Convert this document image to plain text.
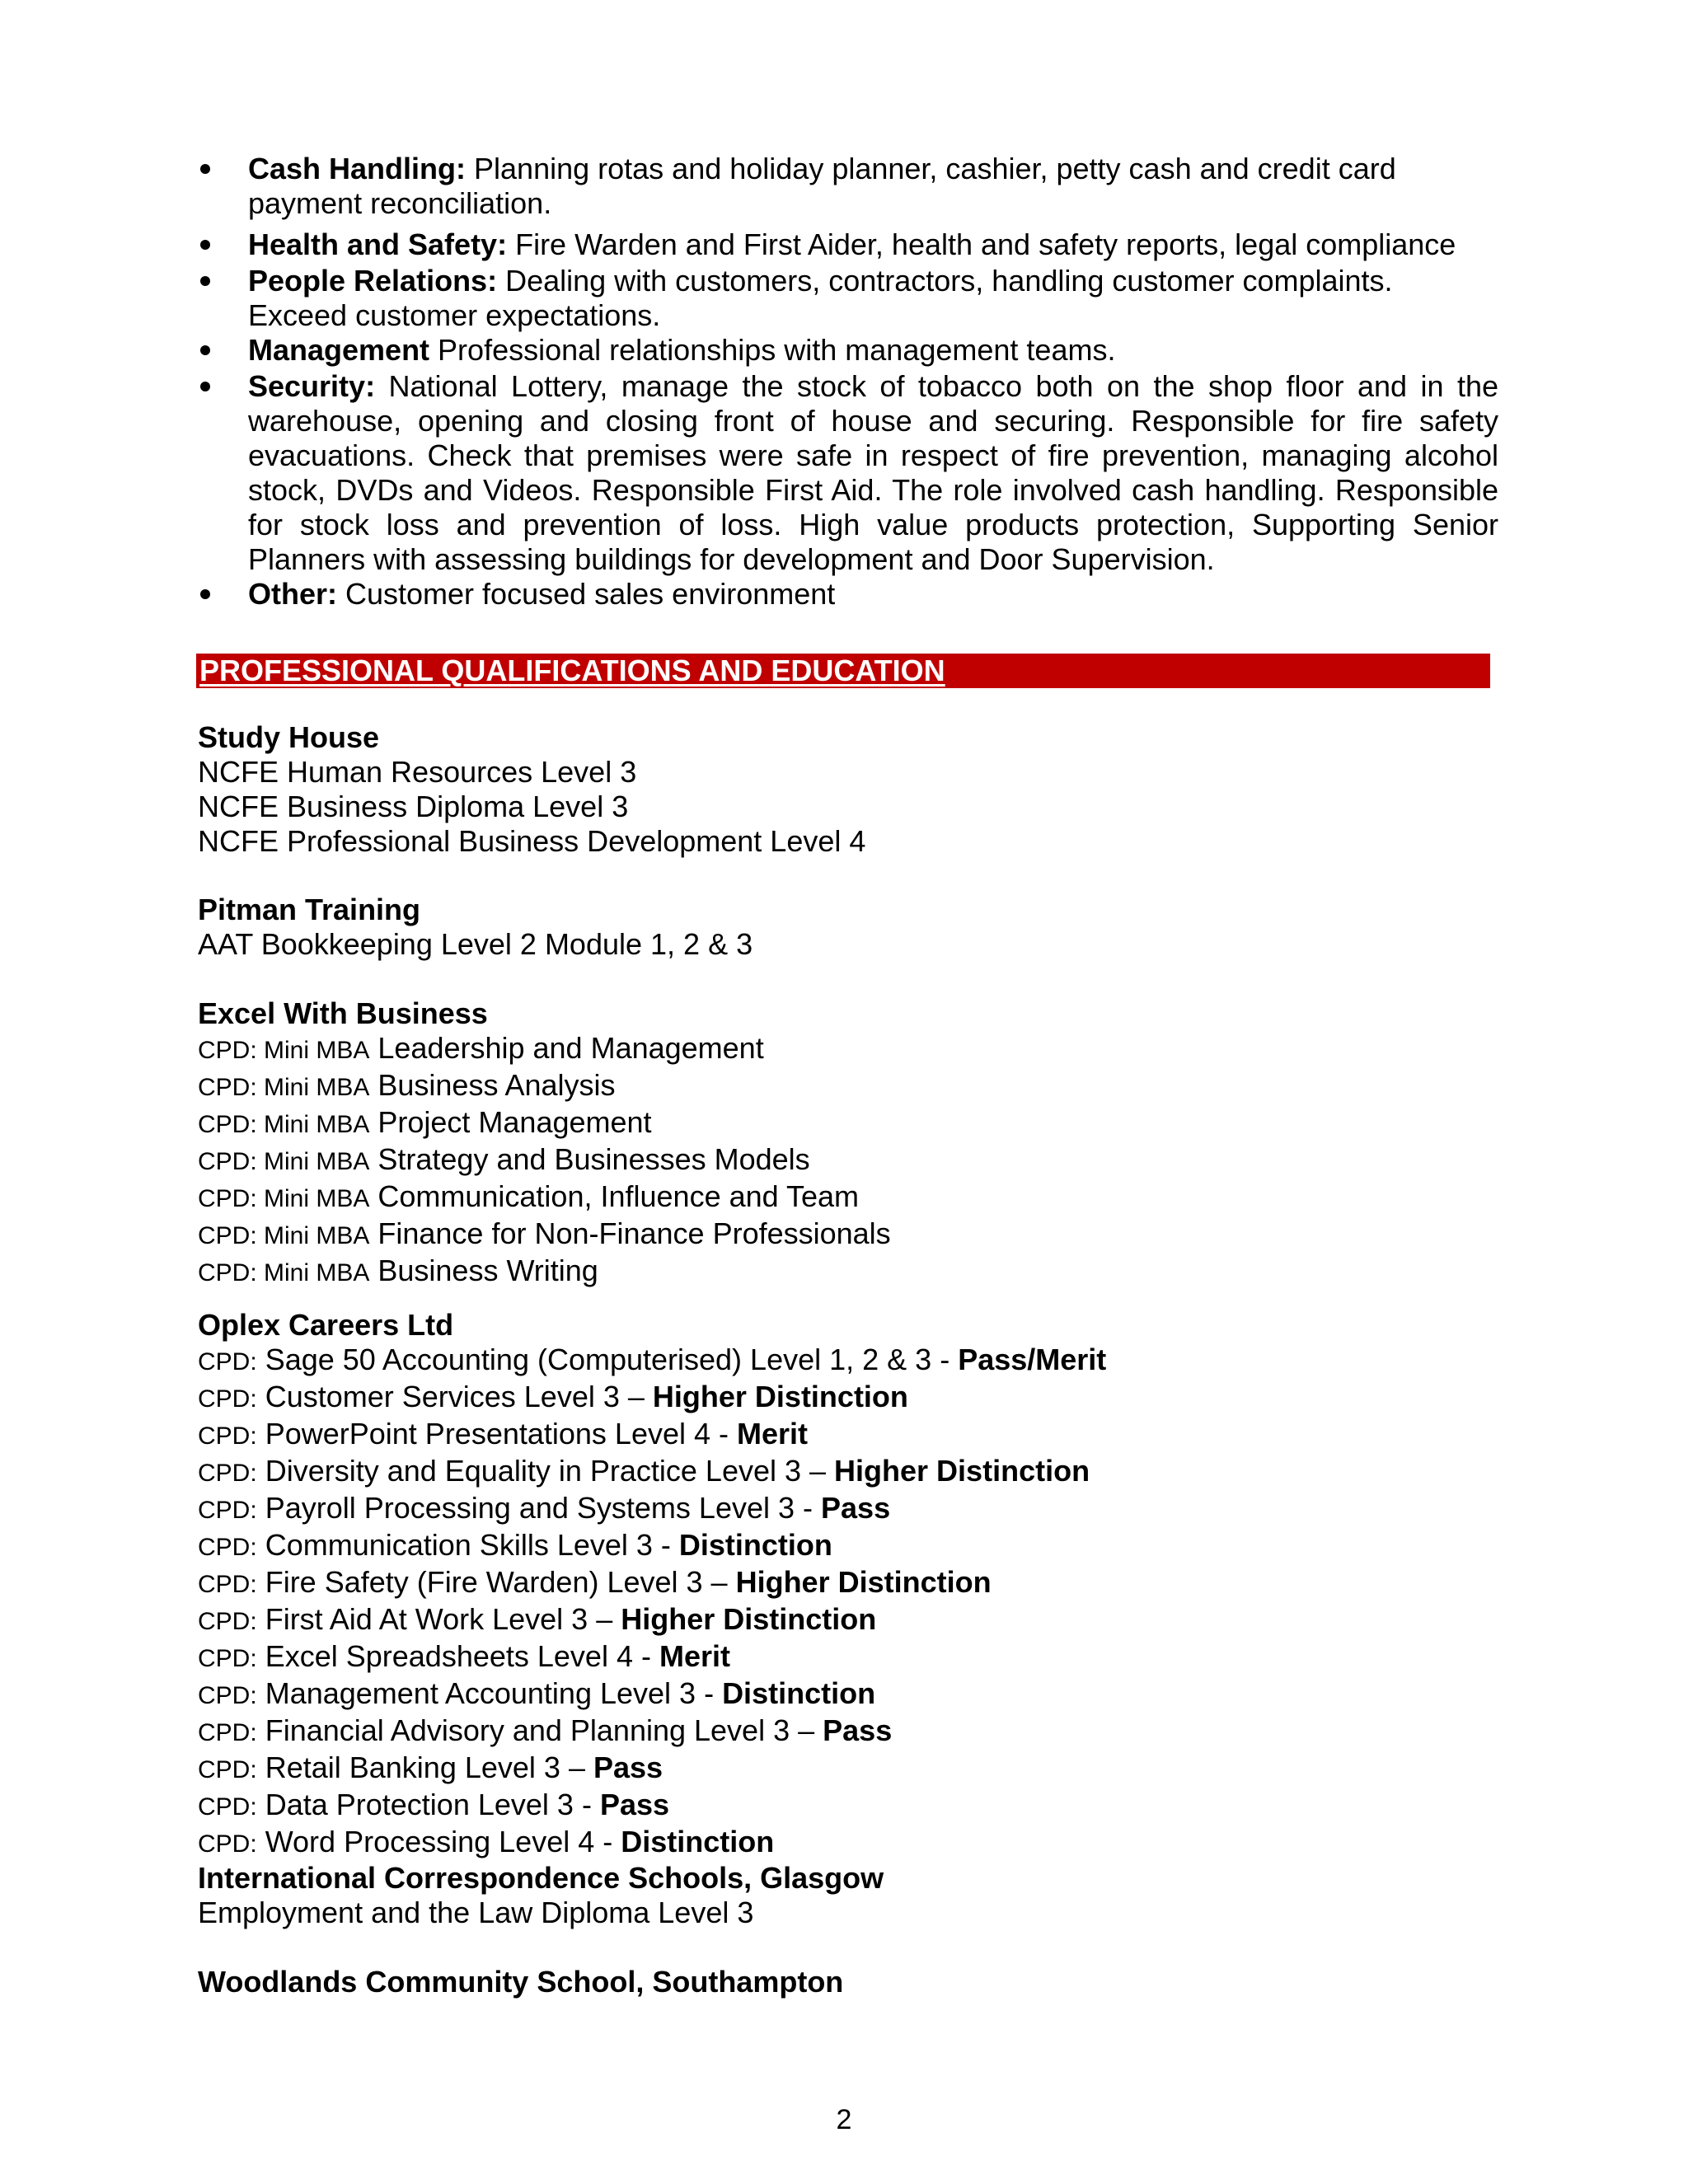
Cash Handling: Planning rotas and holiday planner, cashier, petty cash and credit card payment reconciliation.
Health and Safety: Fire Warden and First Aider, health and safety reports, legal compliance
People Relations: Dealing with customers, contractors, handling customer complaints. Exceed customer expectations.
Management Professional relationships with management teams.
Security: National Lottery, manage the stock of tobacco both on the shop floor and in the warehouse, opening and closing front of house and securing. Responsible for fire safety evacuations. Check that premises were safe in respect of fire prevention, managing alcohol stock, DVDs and Videos. Responsible First Aid. The role involved cash handling. Responsible for stock loss and prevention of loss. High value products protection, Supporting Senior Planners with assessing buildings for development and Door Supervision.
Other: Customer focused sales environment
PROFESSIONAL QUALIFICATIONS AND EDUCATION
Study House
NCFE Human Resources Level 3
NCFE Business Diploma Level 3
NCFE Professional Business Development Level 4
Pitman Training
AAT Bookkeeping Level 2 Module 1, 2 & 3
Excel With Business
CPD: Mini MBA Leadership and Management
CPD: Mini MBA Business Analysis
CPD: Mini MBA Project Management
CPD: Mini MBA Strategy and Businesses Models
CPD: Mini MBA Communication, Influence and Team
CPD: Mini MBA Finance for Non-Finance Professionals
CPD: Mini MBA Business Writing
Oplex Careers Ltd
CPD: Sage 50 Accounting (Computerised) Level 1, 2 & 3 - Pass/Merit
CPD: Customer Services Level 3 – Higher Distinction
CPD: PowerPoint Presentations Level 4 - Merit
CPD: Diversity and Equality in Practice Level 3 – Higher Distinction
CPD: Payroll Processing and Systems Level 3 - Pass
CPD: Communication Skills Level 3 - Distinction
CPD: Fire Safety (Fire Warden) Level 3 – Higher Distinction
CPD: First Aid At Work Level 3 – Higher Distinction
CPD: Excel Spreadsheets Level 4 - Merit
CPD: Management Accounting Level 3 - Distinction
CPD: Financial Advisory and Planning Level 3 – Pass
CPD: Retail Banking Level 3 – Pass
CPD: Data Protection Level 3 - Pass
CPD: Word Processing Level 4 - Distinction
International Correspondence Schools, Glasgow
Employment and the Law Diploma Level 3
Woodlands Community School, Southampton
2
